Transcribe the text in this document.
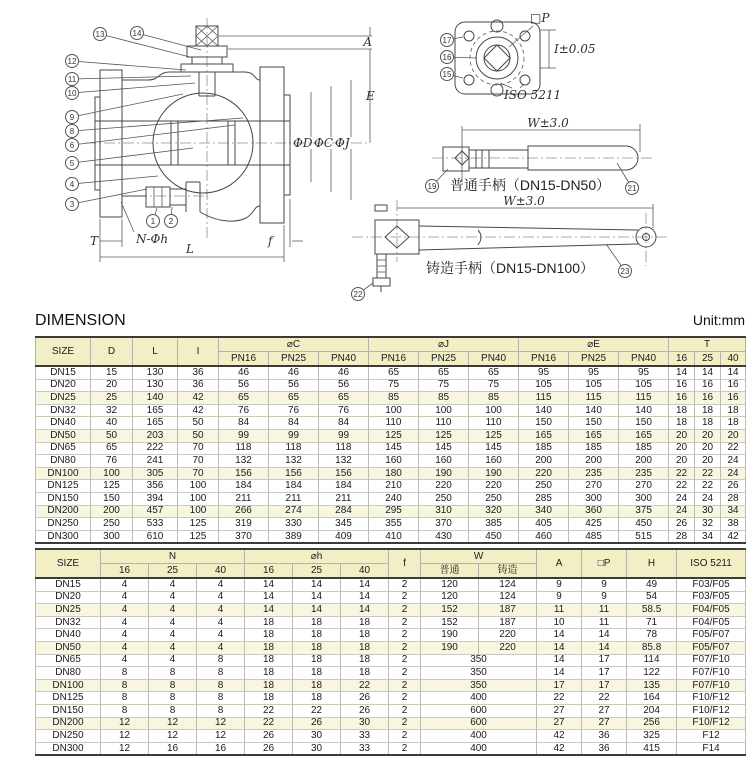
A
E
ΦD ΦC ΦJ
T	f
L
N-Φh
□P
I±0.05
ISO 5211
W±3.0
普通手柄（DN15-DN50）
W±3.0
铸造手柄（DN15-DN100）
13	14
12
11
10
9
8
6
5
4
3
1 2
17
16
15
19	21
22
23
DIMENSION	Unit:mm
SIZE	D	L	I	⌀C			⌀J			⌀E			T		
				PN16	PN25	PN40	PN16	PN25	PN40	PN16	PN25	PN40	16	25	40
DN15	15	130	36	46	46	46	65	65	65	95	95	95	14	14	14
DN20	20	130	36	56	56	56	75	75	75	105	105	105	16	16	16
DN25	25	140	42	65	65	65	85	85	85	115	115	115	16	16	16
DN32	32	165	42	76	76	76	100	100	100	140	140	140	18	18	18
DN40	40	165	50	84	84	84	110	110	110	150	150	150	18	18	18
DN50	50	203	50	99	99	99	125	125	125	165	165	165	20	20	20
DN65	65	222	70	118	118	118	145	145	145	185	185	185	20	20	22
DN80	76	241	70	132	132	132	160	160	160	200	200	200	20	20	24
DN100	100	305	70	156	156	156	180	190	190	220	235	235	22	22	24
DN125	125	356	100	184	184	184	210	220	220	250	270	270	22	22	26
DN150	150	394	100	211	211	211	240	250	250	285	300	300	24	24	28
DN200	200	457	100	266	274	284	295	310	320	340	360	375	24	30	34
DN250	250	533	125	319	330	345	355	370	385	405	425	450	26	32	38
DN300	300	610	125	370	389	409	410	430	450	460	485	515	28	34	42
SIZE	N			⌀h			f	W		A	□P	H	ISO 5211
	16	25	40	16	25	40		普通	铸造				
DN15	4	4	4	14	14	14	2	120	124	9	9	49	F03/F05
DN20	4	4	4	14	14	14	2	120	124	9	9	54	F03/F05
DN25	4	4	4	14	14	14	2	152	187	11	11	58.5	F04/F05
DN32	4	4	4	18	18	18	2	152	187	10	11	71	F04/F05
DN40	4	4	4	18	18	18	2	190	220	14	14	78	F05/F07
DN50	4	4	4	18	18	18	2	190	220	14	14	85.8	F05/F07
DN65	4	4	8	18	18	18	2	350		14	17	114	F07/F10
DN80	8	8	8	18	18	18	2	350		14	17	122	F07/F10
DN100	8	8	8	18	18	22	2	350		17	17	135	F07/F10
DN125	8	8	8	18	18	26	2	400		22	22	164	F10/F12
DN150	8	8	8	22	22	26	2	600		27	27	204	F10/F12
DN200	12	12	12	22	26	30	2	600		27	27	256	F10/F12
DN250	12	12	12	26	30	33	2	400		42	36	325	F12
DN300	12	16	16	26	30	33	2	400		42	36	415	F14
